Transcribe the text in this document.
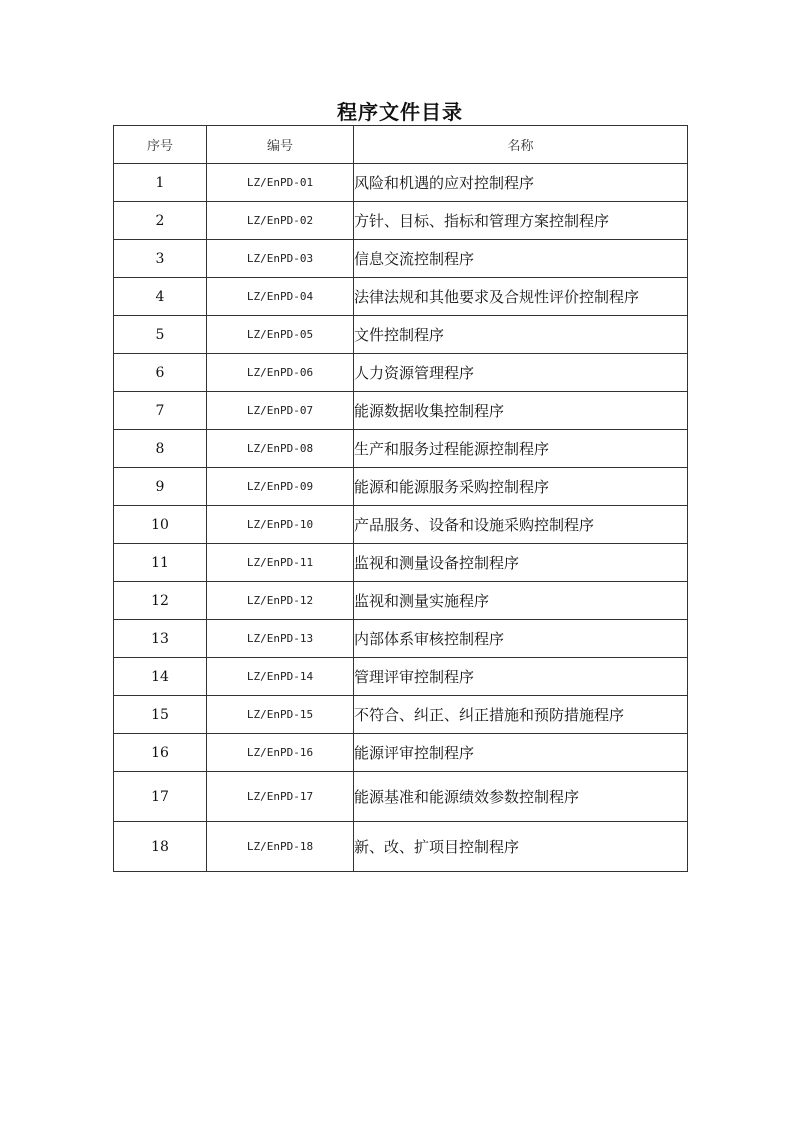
程序文件目录
序号	编号	名称
1	LZ/EnPD-01	风险和机遇的应对控制程序
2	LZ/EnPD-02	方针、目标、指标和管理方案控制程序
3	LZ/EnPD-03	信息交流控制程序
4	LZ/EnPD-04	法律法规和其他要求及合规性评价控制程序
5	LZ/EnPD-05	文件控制程序
6	LZ/EnPD-06	人力资源管理程序
7	LZ/EnPD-07	能源数据收集控制程序
8	LZ/EnPD-08	生产和服务过程能源控制程序
9	LZ/EnPD-09	能源和能源服务采购控制程序
10	LZ/EnPD-10	产品服务、设备和设施采购控制程序
11	LZ/EnPD-11	监视和测量设备控制程序
12	LZ/EnPD-12	监视和测量实施程序
13	LZ/EnPD-13	内部体系审核控制程序
14	LZ/EnPD-14	管理评审控制程序
15	LZ/EnPD-15	不符合、纠正、纠正措施和预防措施程序
16	LZ/EnPD-16	能源评审控制程序
17	LZ/EnPD-17	能源基准和能源绩效参数控制程序
18	LZ/EnPD-18	新、改、扩项目控制程序
